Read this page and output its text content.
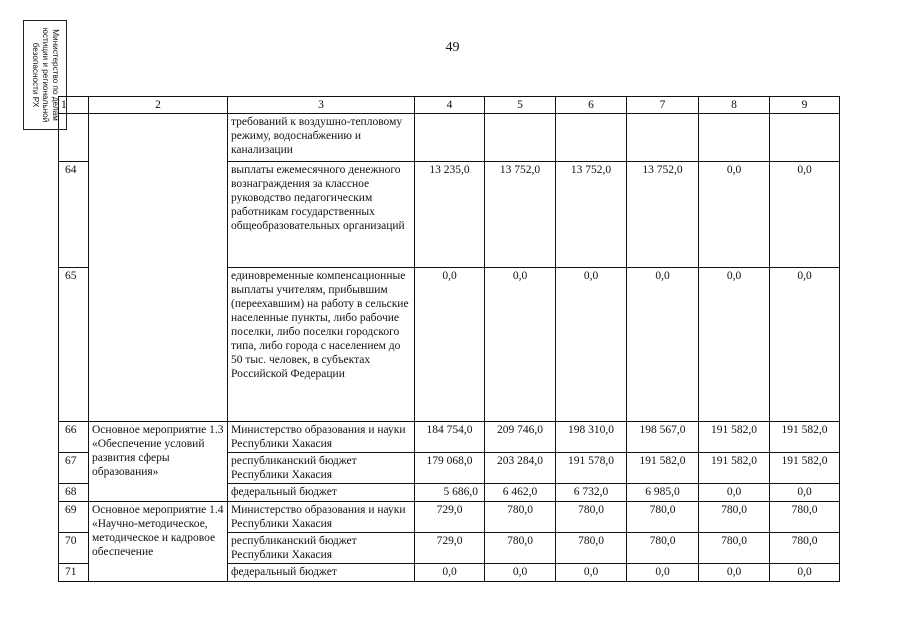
49
Министерство по делам
юстиции и региональной
безопасности РХ 1	2	3	4	5	6	7	8	9
		требований к воздушно-тепловому режиму, водоснабжению и канализации						
64		выплаты ежемесячного денежного вознаграждения за классное руководство педагогическим работникам государственных общеобразовательных организаций	13 235,0	13 752,0	13 752,0	13 752,0	0,0	0,0
65		единовременные компенсационные выплаты учителям, прибывшим (переехавшим) на работу в сельские населенные пункты, либо рабочие поселки, либо поселки городского типа, либо города с населением до 50 тыс. человек, в субъектах Российской Федерации	0,0	0,0	0,0	0,0	0,0	0,0
66	Основное мероприятие 1.3 «Обеспечение условий развития сферы образования»	Министерство образования и науки Республики Хакасия	184 754,0	209 746,0	198 310,0	198 567,0	191 582,0	191 582,0
67		республиканский бюджет Республики Хакасия	179 068,0	203 284,0	191 578,0	191 582,0	191 582,0	191 582,0
68		федеральный бюджет	5 686,0	6 462,0	6 732,0	6 985,0	0,0	0,0
69	Основное мероприятие 1.4 «Научно-методическое, методическое и кадровое обеспечение	Министерство образования и науки Республики Хакасия	729,0	780,0	780,0	780,0	780,0	780,0
70		республиканский бюджет Республики Хакасия	729,0	780,0	780,0	780,0	780,0	780,0
71		федеральный бюджет	0,0	0,0	0,0	0,0	0,0	0,0
